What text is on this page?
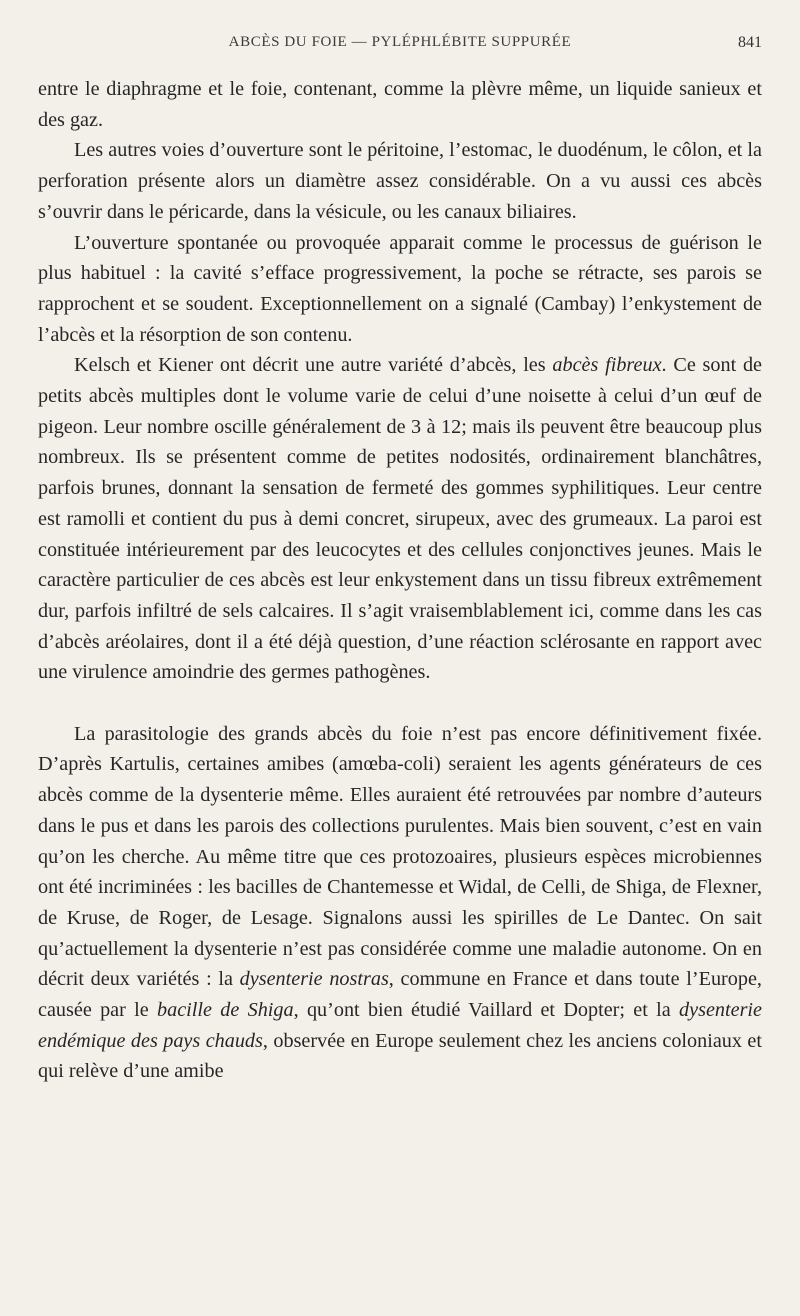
ABCÈS DU FOIE — PYLÉPHLÉBITE SUPPURÉE	841

entre le diaphragme et le foie, contenant, comme la plèvre même, un liquide sanieux et des gaz.

Les autres voies d’ouverture sont le péritoine, l’estomac, le duodénum, le côlon, et la perforation présente alors un diamètre assez considérable. On a vu aussi ces abcès s’ouvrir dans le péricarde, dans la vésicule, ou les canaux biliaires.

L’ouverture spontanée ou provoquée apparait comme le processus de guérison le plus habituel : la cavité s’efface progressivement, la poche se rétracte, ses parois se rapprochent et se soudent. Exceptionnellement on a signalé (Cambay) l’enkystement de l’abcès et la résorption de son contenu.

Kelsch et Kiener ont décrit une autre variété d’abcès, les abcès fibreux. Ce sont de petits abcès multiples dont le volume varie de celui d’une noisette à celui d’un œuf de pigeon. Leur nombre oscille généralement de 3 à 12; mais ils peuvent être beaucoup plus nombreux. Ils se présentent comme de petites nodosités, ordinairement blanchâtres, parfois brunes, donnant la sensation de fermeté des gommes syphilitiques. Leur centre est ramolli et contient du pus à demi concret, sirupeux, avec des grumeaux. La paroi est constituée intérieurement par des leucocytes et des cellules conjonctives jeunes. Mais le caractère particulier de ces abcès est leur enkystement dans un tissu fibreux extrêmement dur, parfois infiltré de sels calcaires. Il s’agit vraisemblablement ici, comme dans les cas d’abcès aréolaires, dont il a été déjà question, d’une réaction sclérosante en rapport avec une virulence amoindrie des germes pathogènes.

La parasitologie des grands abcès du foie n’est pas encore définitivement fixée. D’après Kartulis, certaines amibes (amœba-coli) seraient les agents générateurs de ces abcès comme de la dysenterie même. Elles auraient été retrouvées par nombre d’auteurs dans le pus et dans les parois des collections purulentes. Mais bien souvent, c’est en vain qu’on les cherche. Au même titre que ces protozoaires, plusieurs espèces microbiennes ont été incriminées : les bacilles de Chantemesse et Widal, de Celli, de Shiga, de Flexner, de Kruse, de Roger, de Lesage. Signalons aussi les spirilles de Le Dantec. On sait qu’actuellement la dysenterie n’est pas considérée comme une maladie autonome. On en décrit deux variétés : la dysenterie nostras, commune en France et dans toute l’Europe, causée par le bacille de Shiga, qu’ont bien étudié Vaillard et Dopter; et la dysenterie endémique des pays chauds, observée en Europe seulement chez les anciens coloniaux et qui relève d’une amibe
